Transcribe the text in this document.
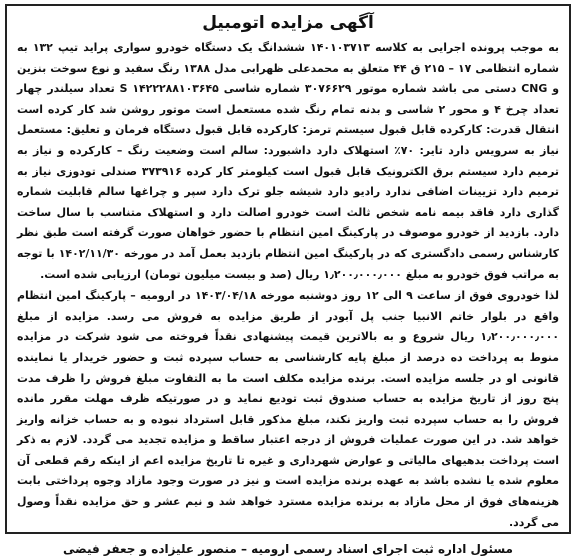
آگهی مزایده اتومبیل

به موجب پرونده اجرایی به کلاسه ۱۴۰۱۰۳۷۱۳ ششدانگ یک دستگاه خودرو سواری پراید تیپ ۱۳۲ به شماره انتظامی ۱۷ – ۲۱۵ ق ۴۴ متعلق به محمدعلی ظهرابی مدل ۱۳۸۸ رنگ سفید و نوع سوخت بنزین و CNG دستی می باشد شماره موتور ۳۰۷۶۶۲۹ شماره شاسی S ۱۴۲۲۲۸۸۱۰۳۶۴۵ تعداد سیلندر چهار تعداد چرخ ۴ و محور ۲ شاسی و بدنه تمام رنگ شده مستعمل است موتور روشن شد کار کرده است انتقال قدرت: کارکرده قابل قبول سیستم ترمز: کارکرده قابل قبول دستگاه فرمان و تعلیق: مستعمل نیاز به سرویس دارد تایر: ۷۰٪ استهلاک دارد داشبورد: سالم است وضعیت رنگ – کارکرده و نیاز به ترمیم دارد سیستم برق الکترونیک قابل قبول است کیلومتر کار کرده ۳۷۳۹۱۶ صندلی تودوزی نیاز به ترمیم دارد تزیینات اضافی ندارد رادیو دارد شیشه جلو ترک دارد سپر و چراغها سالم قابلیت شماره گذاری دارد فاقد بیمه نامه شخص ثالث است خودرو اصالت دارد و استهلاک متناسب با سال ساخت دارد. بازدید از خودرو موصوف در پارکینگ امین انتظام با حضور خواهان صورت گرفته است طبق نظر کارشناس رسمی دادگستری که در پارکینگ امین انتظام بازدید بعمل آمد در مورخه ۱۴۰۲/۱۱/۳۰ با توجه به مراتب فوق خودرو به مبلغ ۱٫۲۰۰٫۰۰۰٫۰۰۰ ریال (صد و بیست میلیون تومان) ارزیابی شده است.

لذا خودروی فوق از ساعت ۹ الی ۱۲ روز دوشنبه مورخه ۱۴۰۳/۰۴/۱۸ در ارومیه – پارکینگ امین انتظام واقع در بلوار خاتم الانبیا جنب پل آبودر از طریق مزایده به فروش می رسد. مزایده از مبلغ ۱٫۲۰۰٫۰۰۰٫۰۰۰ ریال شروع و به بالاترین قیمت پیشنهادی نقداً فروخته می شود شرکت در مزایده منوط به پرداخت ده درصد از مبلغ پایه کارشناسی به حساب سپرده ثبت و حضور خریدار یا نماینده قانونی او در جلسه مزایده است. برنده مزایده مکلف است ما به التفاوت مبلغ فروش را ظرف مدت پنج روز از تاریخ مزایده به حساب صندوق ثبت تودیع نماید و در صورتیکه ظرف مهلت مقرر مانده فروش را به حساب سپرده ثبت واریز نکند، مبلغ مذکور قابل استرداد نبوده و به حساب خزانه واریز خواهد شد. در این صورت عملیات فروش از درجه اعتبار ساقط و مزایده تجدید می گردد. لازم به ذکر است پرداخت بدهیهای مالیاتی و عوارض شهرداری و غیره تا تاریخ مزایده اعم از اینکه رقم قطعی آن معلوم شده یا نشده باشد به عهده برنده مزایده است و نیز در صورت وجود مازاد وجوه پرداختی بابت هزینه‌های فوق از محل مازاد به برنده مزایده مسترد خواهد شد و نیم عشر و حق مزایده نقداً وصول می گردد.

مسئول اداره ثبت اجرای اسناد رسمی ارومیه – منصور علیزاده و جعفر فیضی
